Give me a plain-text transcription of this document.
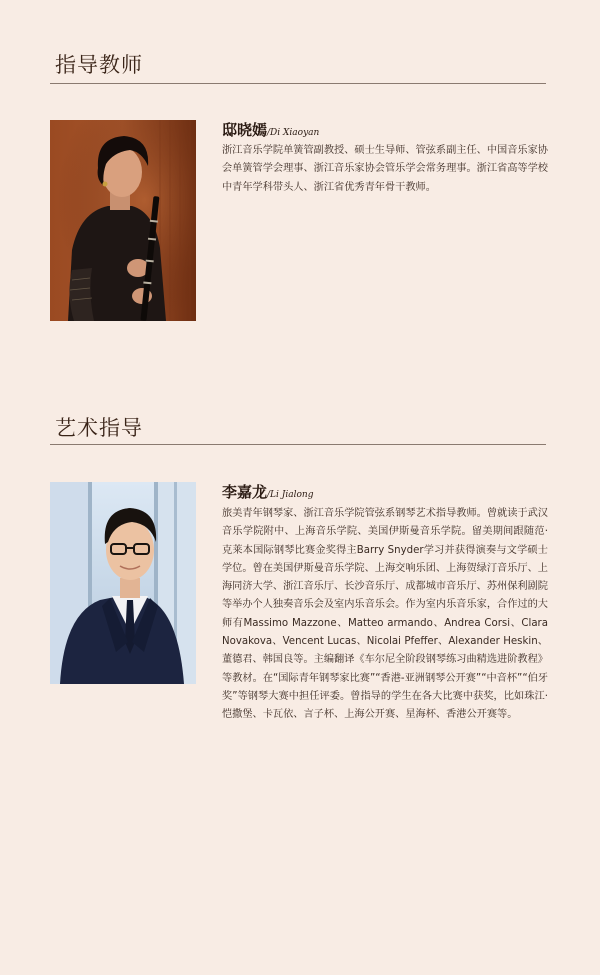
指导教师
邸晓嫣/Di Xiaoyan

浙江音乐学院单簧管副教授、硕士生导师、管弦系副主任、中国音乐家协会单簧管学会理事、浙江音乐家协会管乐学会常务理事。浙江省高等学校中青年学科带头人、浙江省优秀青年骨干教师。

艺术指导
李嘉龙/Li Jialong

旅美青年钢琴家、浙江音乐学院管弦系钢琴艺术指导教师。曾就读于武汉音乐学院附中、上海音乐学院、美国伊斯曼音乐学院。留美期间跟随范·克莱本国际钢琴比赛金奖得主Barry Snyder学习并获得演奏与文学硕士学位。曾在美国伊斯曼音乐学院、上海交响乐团、上海贺绿汀音乐厅、上海同济大学、浙江音乐厅、长沙音乐厅、成都城市音乐厅、苏州保利剧院等举办个人独奏音乐会及室内乐音乐会。作为室内乐音乐家，合作过的大师有Massimo Mazzone、Matteo armando、Andrea Corsi、Clara Novakova、Vencent Lucas、Nicolai Pfeffer、Alexander Heskin、董德君、韩国良等。主编翻译《车尔尼全阶段钢琴练习曲精选进阶教程》等教材。在“国际青年钢琴家比赛”“香港-亚洲钢琴公开赛”“中音杯”“伯牙奖”等钢琴大赛中担任评委。曾指导的学生在各大比赛中获奖，比如珠江·恺撒堡、卡瓦依、言子杯、上海公开赛、星海杯、香港公开赛等。
